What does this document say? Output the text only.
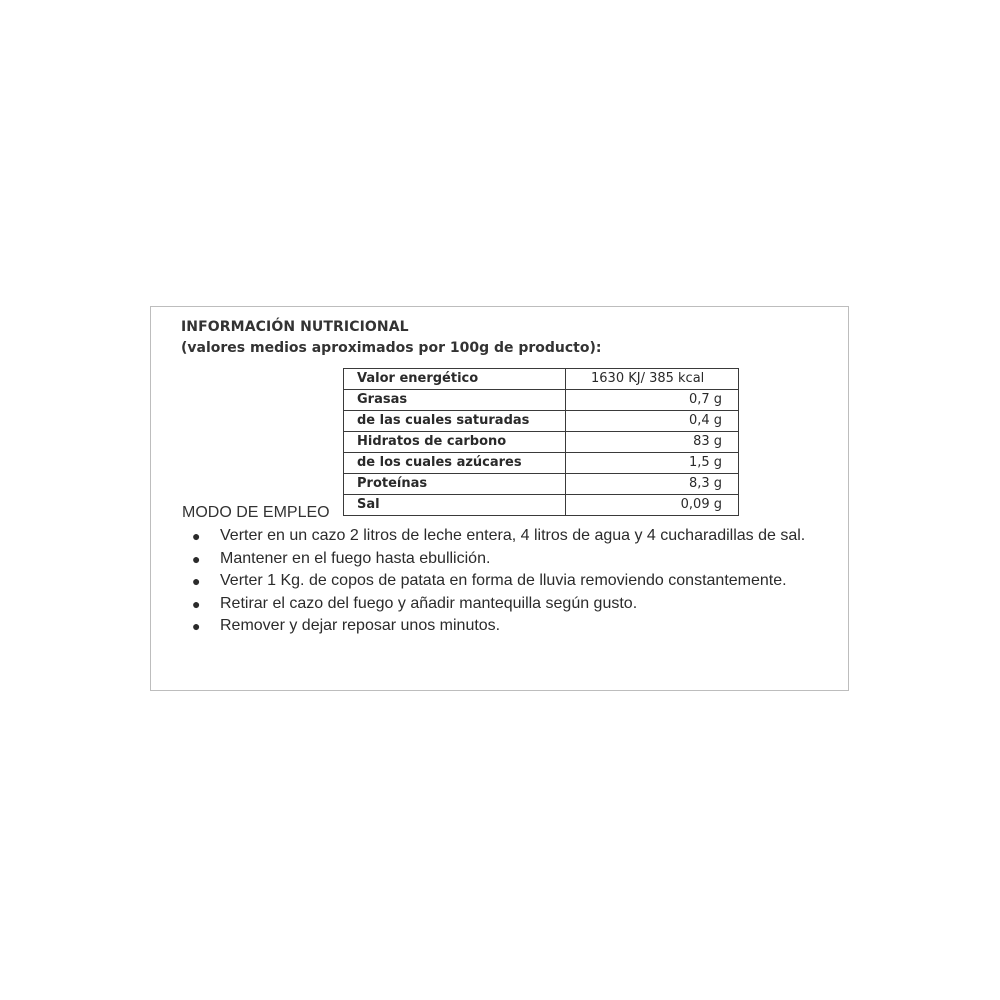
INFORMACIÓN NUTRICIONAL
(valores medios aproximados por 100g de producto):
Valor energético	1630 KJ/ 385 kcal
Grasas	0,7 g
de las cuales saturadas	0,4 g
Hidratos de carbono	83 g
de los cuales azúcares	1,5 g
Proteínas	8,3 g
Sal	0,09 g
MODO DE EMPLEO
● Verter en un cazo 2 litros de leche entera, 4 litros de agua y 4 cucharadillas de sal.
● Mantener en el fuego hasta ebullición.
● Verter 1 Kg. de copos de patata en forma de lluvia removiendo constantemente.
● Retirar el cazo del fuego y añadir mantequilla según gusto.
● Remover y dejar reposar unos minutos.
